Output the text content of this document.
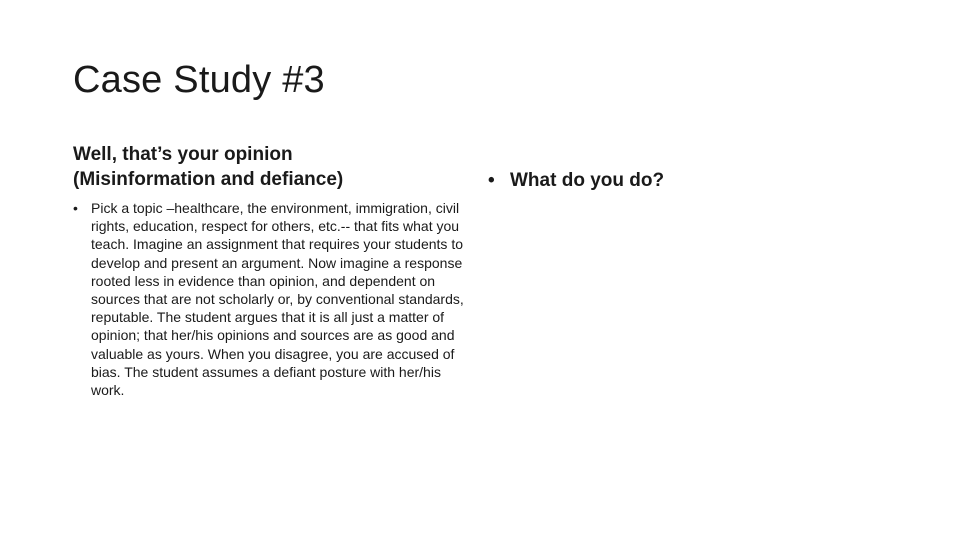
Case Study #3
Well, that’s your opinion
(Misinformation and defiance)
• Pick a topic –healthcare, the environment, immigration, civil rights, education, respect for others, etc.-- that fits what you teach. Imagine an assignment that requires your students to develop and present an argument. Now imagine a response rooted less in evidence than opinion, and dependent on sources that are not scholarly or, by conventional standards, reputable. The student argues that it is all just a matter of opinion; that her/his opinions and sources are as good and valuable as yours. When you disagree, you are accused of bias. The student assumes a defiant posture with her/his work.
• What do you do?
